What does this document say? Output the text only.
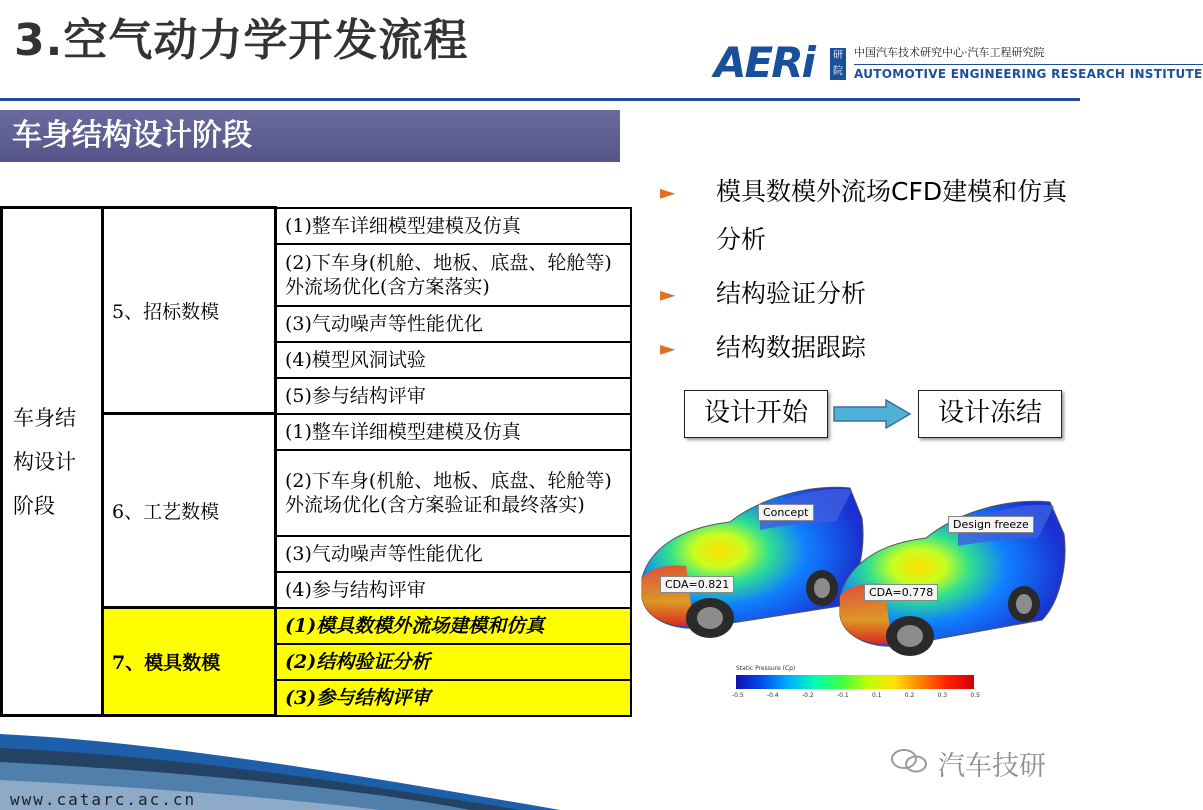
3.空气动力学开发流程	AERi	研院
中国汽车技术研究中心·汽车工程研究院
AUTOMOTIVE ENGINEERING RESEARCH INSTITUTE
车身结构设计阶段
车身结构设计阶段	5、招标数模	(1)整车详细模型建模及仿真
		(2)下车身(机舱、地板、底盘、轮舱等)外流场优化(含方案落实)
		(3)气动噪声等性能优化
		(4)模型风洞试验
		(5)参与结构评审
	6、工艺数模	(1)整车详细模型建模及仿真
		(2)下车身(机舱、地板、底盘、轮舱等)外流场优化(含方案验证和最终落实)
		(3)气动噪声等性能优化
		(4)参与结构评审
	7、模具数模	(1)模具数模外流场建模和仿真
		(2)结构验证分析
		(3)参与结构评审
► 模具数模外流场CFD建模和仿真分析
► 结构验证分析
► 结构数据跟踪
设计开始	设计冻结
Concept
Design freeze
CDA=0.821
CDA=0.778
Static Pressure (Cp)
-0.5	-0.4	-0.2	-0.1	0.1	0.2	0.3	0.5
www.catarc.ac.cn
汽车技研
